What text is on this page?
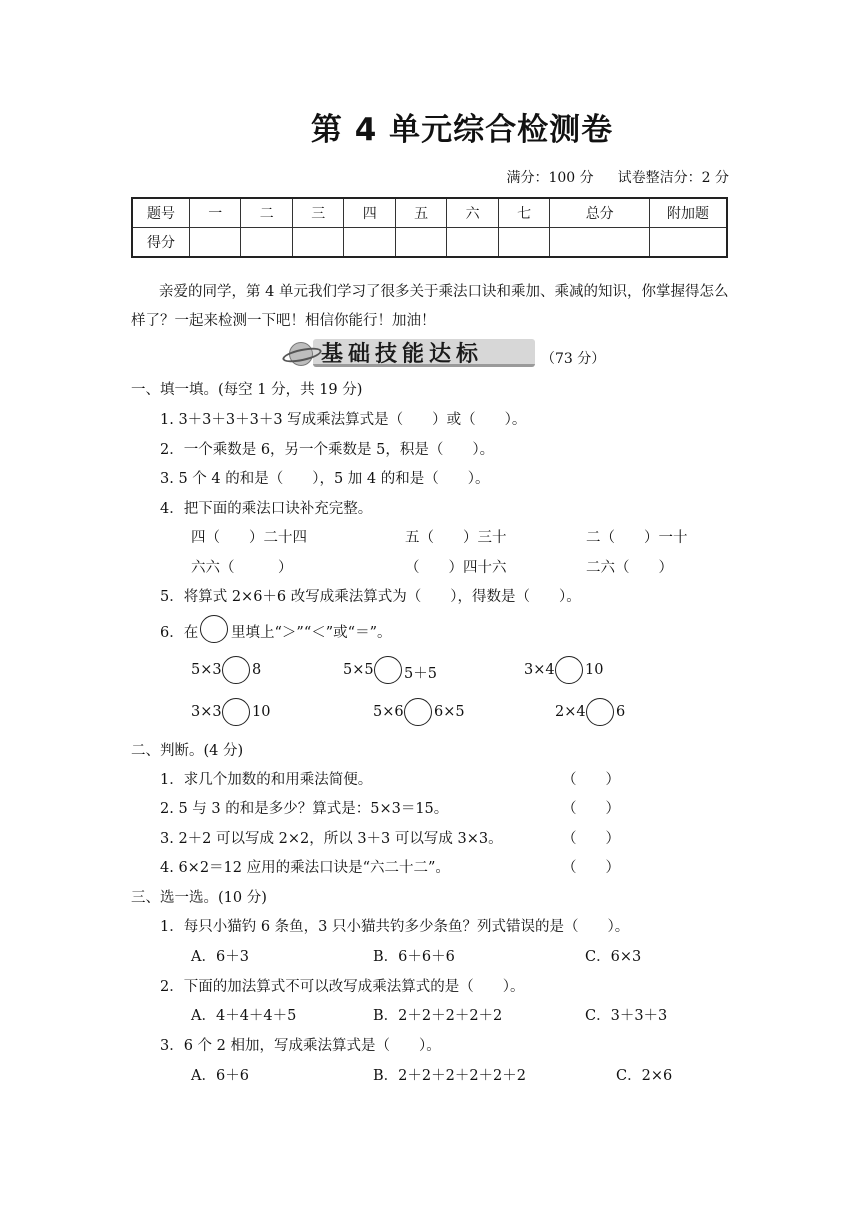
第 4 单元综合检测卷
满分：100 分 试卷整洁分：2 分
题号	一	二	三	四	五	六	七	总分	附加题
得分									
亲爱的同学，第 4 单元我们学习了很多关于乘法口诀和乘加、乘减的知识，你掌握得怎么样了？一起来检测一下吧！相信你能行！加油！
基础技能达标	（73 分）
一、填一填。(每空 1 分，共 19 分)
1. 3＋3＋3＋3＋3 写成乘法算式是（　　）或（　　）。
2．一个乘数是 6，另一个乘数是 5，积是（　　）。
3. 5 个 4 的和是（　　），5 加 4 的和是（　　）。
4．把下面的乘法口诀补充完整。
四（　　）二十四	五（　　）三十	二（　　）一十
六六（　　　）	（　　）四十六	二六（　　）
5．将算式 2×6＋6 改写成乘法算式为（　　），得数是（　　）。
6．在 里填上“＞”“＜”或“＝”。
5×3 8	5×5 5＋5	3×4 10
3×3 10	5×6 6×5	2×4 6
二、判断。(4 分)
1．求几个加数的和用乘法简便。	（　　）
2. 5 与 3 的和是多少？算式是：5×3＝15。	（　　）
3. 2＋2 可以写成 2×2，所以 3＋3 可以写成 3×3。	（　　）
4. 6×2＝12 应用的乘法口诀是“六二十二”。	（　　）
三、选一选。(10 分)
1．每只小猫钓 6 条鱼，3 只小猫共钓多少条鱼？列式错误的是（　　）。
A．6＋3	B．6＋6＋6	C．6×3
2．下面的加法算式不可以改写成乘法算式的是（　　）。
A．4＋4＋4＋5	B．2＋2＋2＋2＋2	C．3＋3＋3
3．6 个 2 相加，写成乘法算式是（　　）。
A．6＋6	B．2＋2＋2＋2＋2＋2	C．2×6
